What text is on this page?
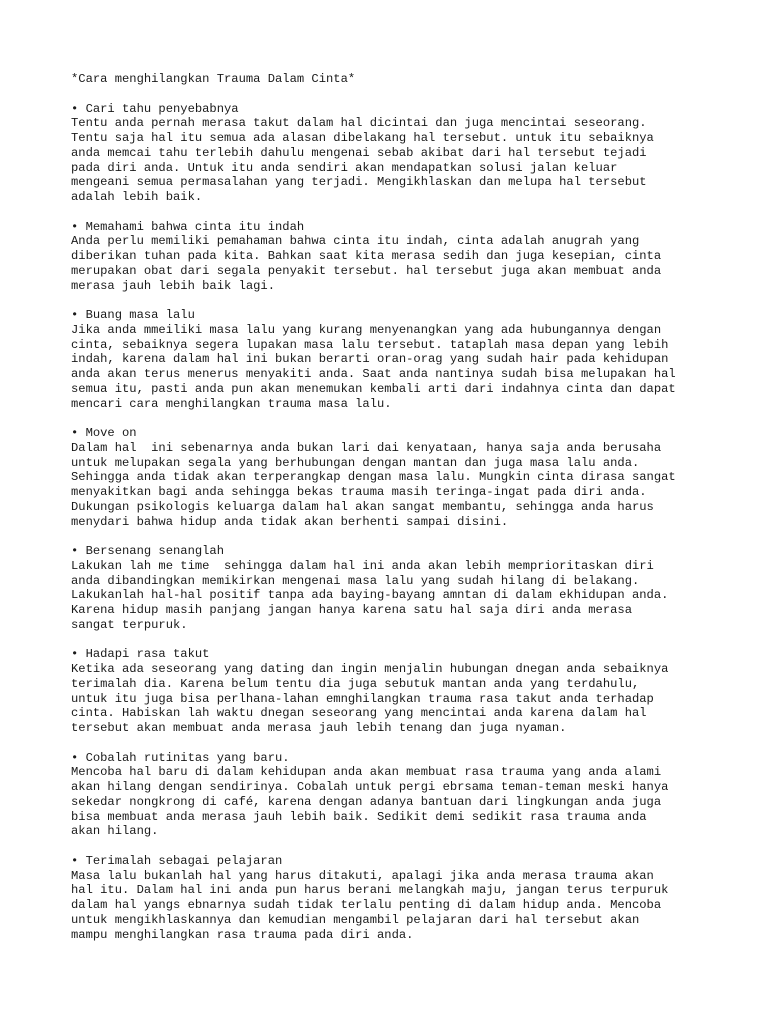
*Cara menghilangkan Trauma Dalam Cinta*

• Cari tahu penyebabnya

Tentu anda pernah merasa takut dalam hal dicintai dan juga mencintai seseorang.

Tentu saja hal itu semua ada alasan dibelakang hal tersebut. untuk itu sebaiknya

anda memcai tahu terlebih dahulu mengenai sebab akibat dari hal tersebut tejadi

pada diri anda. Untuk itu anda sendiri akan mendapatkan solusi jalan keluar

mengeani semua permasalahan yang terjadi. Mengikhlaskan dan melupa hal tersebut

adalah lebih baik.

• Memahami bahwa cinta itu indah

Anda perlu memiliki pemahaman bahwa cinta itu indah, cinta adalah anugrah yang

diberikan tuhan pada kita. Bahkan saat kita merasa sedih dan juga kesepian, cinta

merupakan obat dari segala penyakit tersebut. hal tersebut juga akan membuat anda

merasa jauh lebih baik lagi.

• Buang masa lalu

Jika anda mmeiliki masa lalu yang kurang menyenangkan yang ada hubungannya dengan

cinta, sebaiknya segera lupakan masa lalu tersebut. tataplah masa depan yang lebih

indah, karena dalam hal ini bukan berarti oran-orag yang sudah hair pada kehidupan

anda akan terus menerus menyakiti anda. Saat anda nantinya sudah bisa melupakan hal

semua itu, pasti anda pun akan menemukan kembali arti dari indahnya cinta dan dapat

mencari cara menghilangkan trauma masa lalu.

• Move on

Dalam hal  ini sebenarnya anda bukan lari dai kenyataan, hanya saja anda berusaha

untuk melupakan segala yang berhubungan dengan mantan dan juga masa lalu anda.

Sehingga anda tidak akan terperangkap dengan masa lalu. Mungkin cinta dirasa sangat

menyakitkan bagi anda sehingga bekas trauma masih teringa-ingat pada diri anda.

Dukungan psikologis keluarga dalam hal akan sangat membantu, sehingga anda harus

menydari bahwa hidup anda tidak akan berhenti sampai disini.

• Bersenang senanglah

Lakukan lah me time  sehingga dalam hal ini anda akan lebih memprioritaskan diri

anda dibandingkan memikirkan mengenai masa lalu yang sudah hilang di belakang.

Lakukanlah hal-hal positif tanpa ada baying-bayang amntan di dalam ekhidupan anda.

Karena hidup masih panjang jangan hanya karena satu hal saja diri anda merasa

sangat terpuruk.

• Hadapi rasa takut

Ketika ada seseorang yang dating dan ingin menjalin hubungan dnegan anda sebaiknya

terimalah dia. Karena belum tentu dia juga sebutuk mantan anda yang terdahulu,

untuk itu juga bisa perlhana-lahan emnghilangkan trauma rasa takut anda terhadap

cinta. Habiskan lah waktu dnegan seseorang yang mencintai anda karena dalam hal

tersebut akan membuat anda merasa jauh lebih tenang dan juga nyaman.

• Cobalah rutinitas yang baru.

Mencoba hal baru di dalam kehidupan anda akan membuat rasa trauma yang anda alami

akan hilang dengan sendirinya. Cobalah untuk pergi ebrsama teman-teman meski hanya

sekedar nongkrong di café, karena dengan adanya bantuan dari lingkungan anda juga

bisa membuat anda merasa jauh lebih baik. Sedikit demi sedikit rasa trauma anda

akan hilang.

• Terimalah sebagai pelajaran

Masa lalu bukanlah hal yang harus ditakuti, apalagi jika anda merasa trauma akan

hal itu. Dalam hal ini anda pun harus berani melangkah maju, jangan terus terpuruk

dalam hal yangs ebnarnya sudah tidak terlalu penting di dalam hidup anda. Mencoba

untuk mengikhlaskannya dan kemudian mengambil pelajaran dari hal tersebut akan

mampu menghilangkan rasa trauma pada diri anda.
